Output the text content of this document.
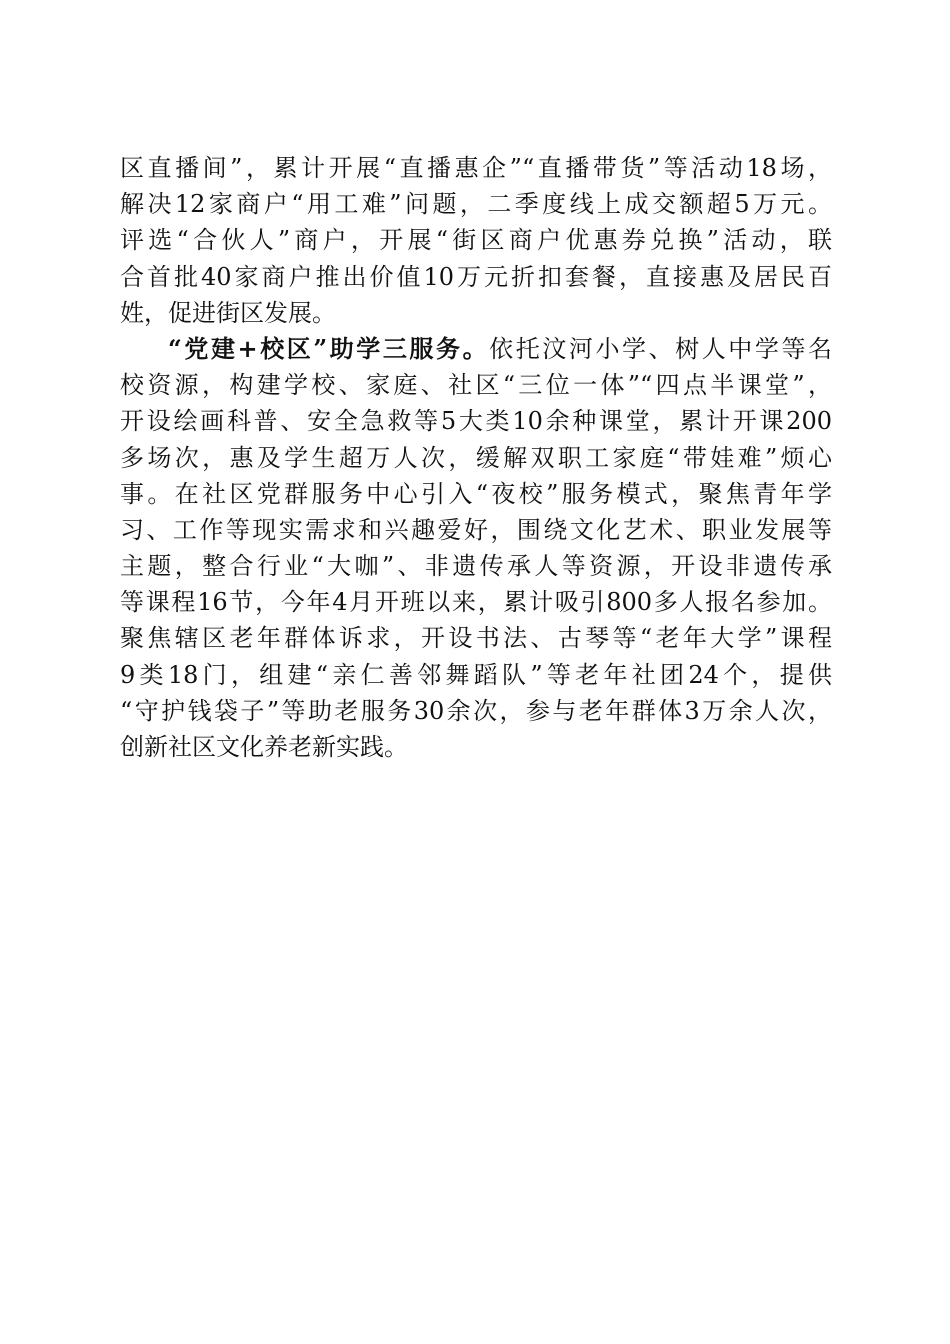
区直播间”，累计开展“直播惠企”“直播带货”等活动18场，
解决12家商户“用工难”问题，二季度线上成交额超5万元。
评选“合伙人”商户，开展“街区商户优惠券兑换”活动，联
合首批40家商户推出价值10万元折扣套餐，直接惠及居民百
姓，促进街区发展。
“党建+校区”助学三服务。依托汶河小学、树人中学等名
校资源，构建学校、家庭、社区“三位一体”“四点半课堂”，
开设绘画科普、安全急救等5大类10余种课堂，累计开课200
多场次，惠及学生超万人次，缓解双职工家庭“带娃难”烦心
事。在社区党群服务中心引入“夜校”服务模式，聚焦青年学
习、工作等现实需求和兴趣爱好，围绕文化艺术、职业发展等
主题，整合行业“大咖”、非遗传承人等资源，开设非遗传承
等课程16节，今年4月开班以来，累计吸引800多人报名参加。
聚焦辖区老年群体诉求，开设书法、古琴等“老年大学”课程
9类18门，组建“亲仁善邻舞蹈队”等老年社团24个，提供
“守护钱袋子”等助老服务30余次，参与老年群体3万余人次，
创新社区文化养老新实践。
